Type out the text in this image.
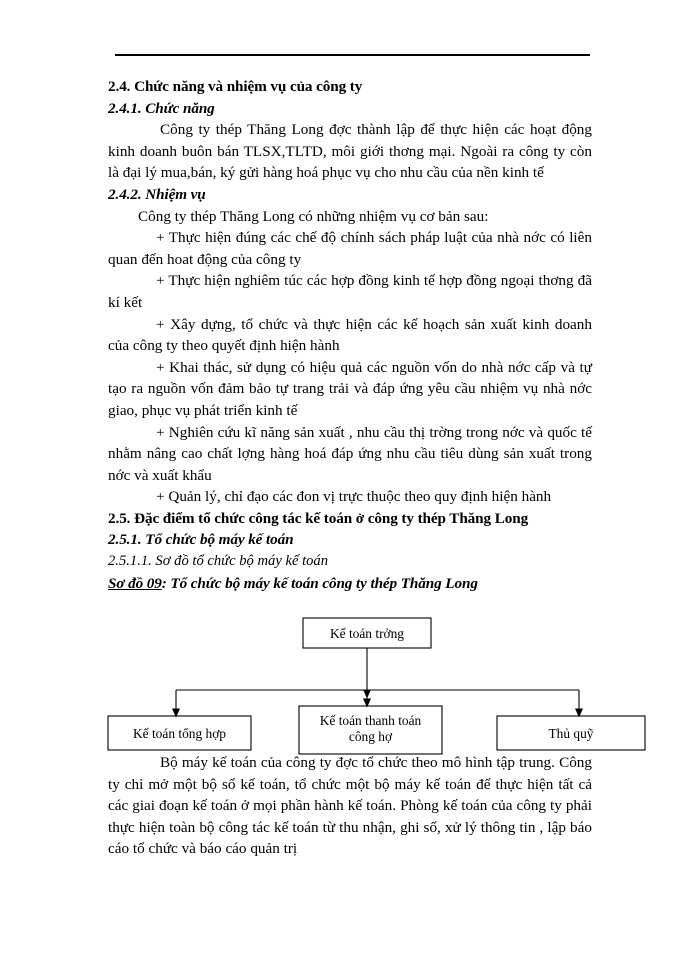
2.4. Chức năng và nhiệm vụ của công ty

2.4.1. Chức năng

Công ty thép Thăng Long đợc thành lập để thực hiện các hoạt động kinh doanh buôn bán TLSX,TLTD, môi giới thơng mại. Ngoài ra công ty còn là đại lý mua,bán, ký gửi hàng hoá phục vụ cho nhu cầu của nền kinh tế

2.4.2. Nhiệm vụ

Công ty thép Thăng Long có những nhiệm vụ cơ bản sau:

+ Thực hiện đúng các chế độ chính sách pháp luật của nhà nớc có liên quan đến hoat động của công ty

+ Thực hiện nghiêm túc các hợp đồng kinh tế hợp đồng ngoại thơng đã kí kết

+ Xây dựng, tổ chức và thực hiện các kế hoạch sản xuất kinh doanh của công ty theo quyết định hiện hành

+ Khai thác, sử dụng có hiệu quả các nguồn vốn do nhà nớc cấp và tự tạo ra nguồn vốn đảm bảo tự trang trải và đáp ứng yêu cầu nhiệm vụ nhà nớc giao, phục vụ phát triển kinh tế

+ Nghiên cứu kĩ năng sản xuất , nhu cầu thị trờng trong nớc và quốc tế nhằm nâng cao chất lợng hàng hoá đáp ứng nhu cầu tiêu dùng sản xuất trong nớc và xuất khẩu

+ Quản lý, chỉ đạo các đon vị trực thuộc theo quy định hiện hành

2.5. Đặc điểm tổ chức công tác kế toán ở công ty thép Thăng Long

2.5.1. Tổ chức bộ máy kế toán

2.5.1.1. Sơ đồ tổ chức bộ máy kế toán

Sơ đồ 09: Tổ chức bộ máy kế toán công ty thép Thăng Long

Kế toán trởng
Kế toán tổng hợp
Kế toán thanh toán
công hợ	Thủ quỹ

Bộ máy kế toán của công ty đợc tổ chức theo mô hình tập trung. Công ty chỉ mở một bộ sổ kế toán, tổ chức một bộ máy kế toán để thực hiện tất cả các giai đoạn kế toán ở mọi phần hành kế toán. Phòng kế toán của công ty phải thực hiện toàn bộ công tác kế toán từ thu nhận, ghi sổ, xử lý thông tin , lập báo cáo tổ chức và báo cáo quản trị
